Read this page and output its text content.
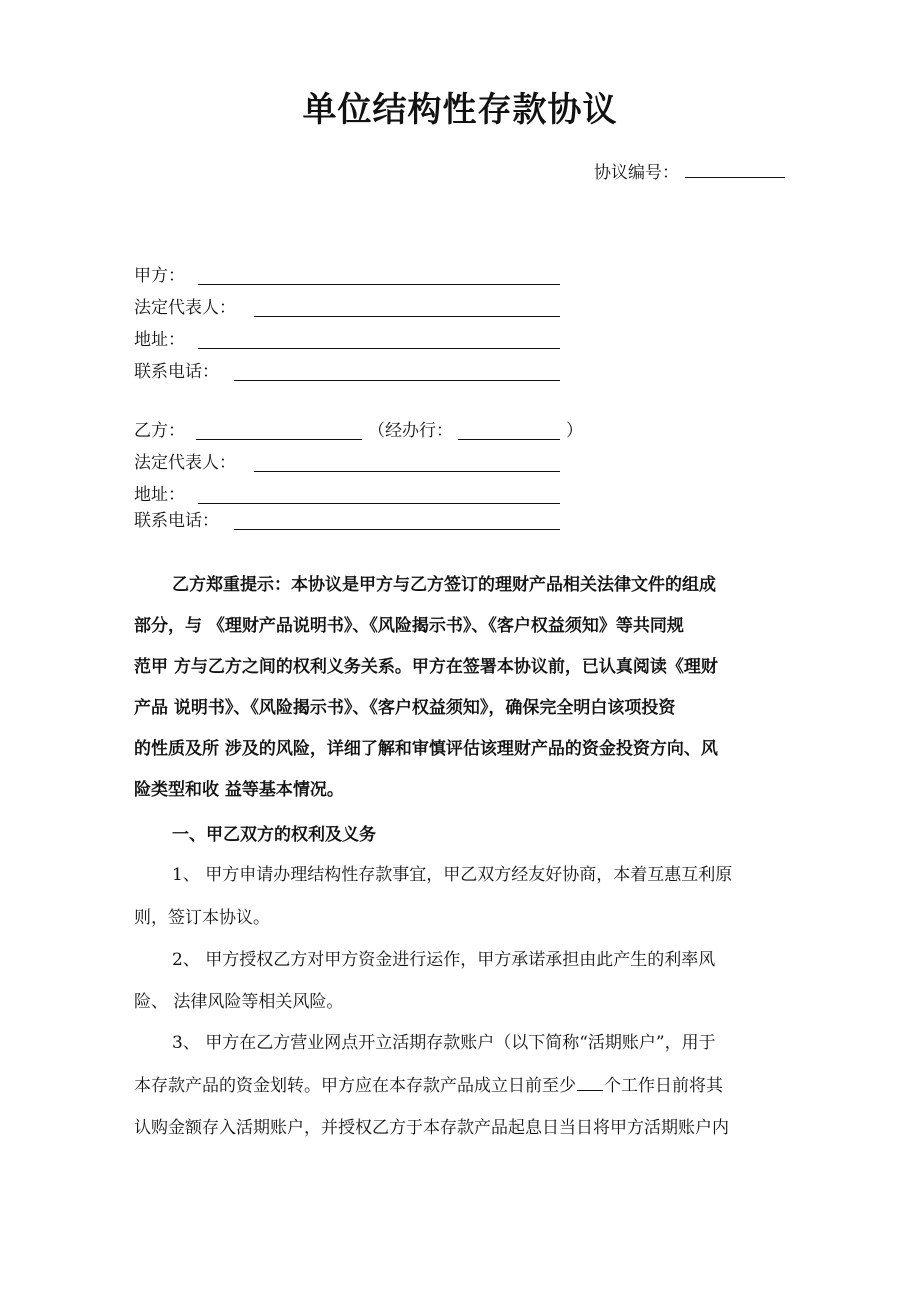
单位结构性存款协议
协议编号：
甲方：
法定代表人：
地址：
联系电话：
乙方：	（经办行：	）
法定代表人：
地址：
联系电话：
乙方郑重提示：本协议是甲方与乙方签订的理财产品相关法律文件的组成
部分，与 《理财产品说明书》、《风险揭示书》、《客户权益须知》等共同规
范甲 方与乙方之间的权利义务关系。甲方在签署本协议前，已认真阅读《理财
产品 说明书》、《风险揭示书》、《客户权益须知》，确保完全明白该项投资
的性质及所 涉及的风险，详细了解和审慎评估该理财产品的资金投资方向、风
险类型和收 益等基本情况。
一、甲乙双方的权利及义务
1、 甲方申请办理结构性存款事宜，甲乙双方经友好协商，本着互惠互利原
则，签订本协议。
2、 甲方授权乙方对甲方资金进行运作，甲方承诺承担由此产生的利率风
险、 法律风险等相关风险。
3、 甲方在乙方营业网点开立活期存款账户（以下简称“活期账户”，用于
本存款产品的资金划转。甲方应在本存款产品成立日前至少 个工作日前将其
认购金额存入活期账户，并授权乙方于本存款产品起息日当日将甲方活期账户内
